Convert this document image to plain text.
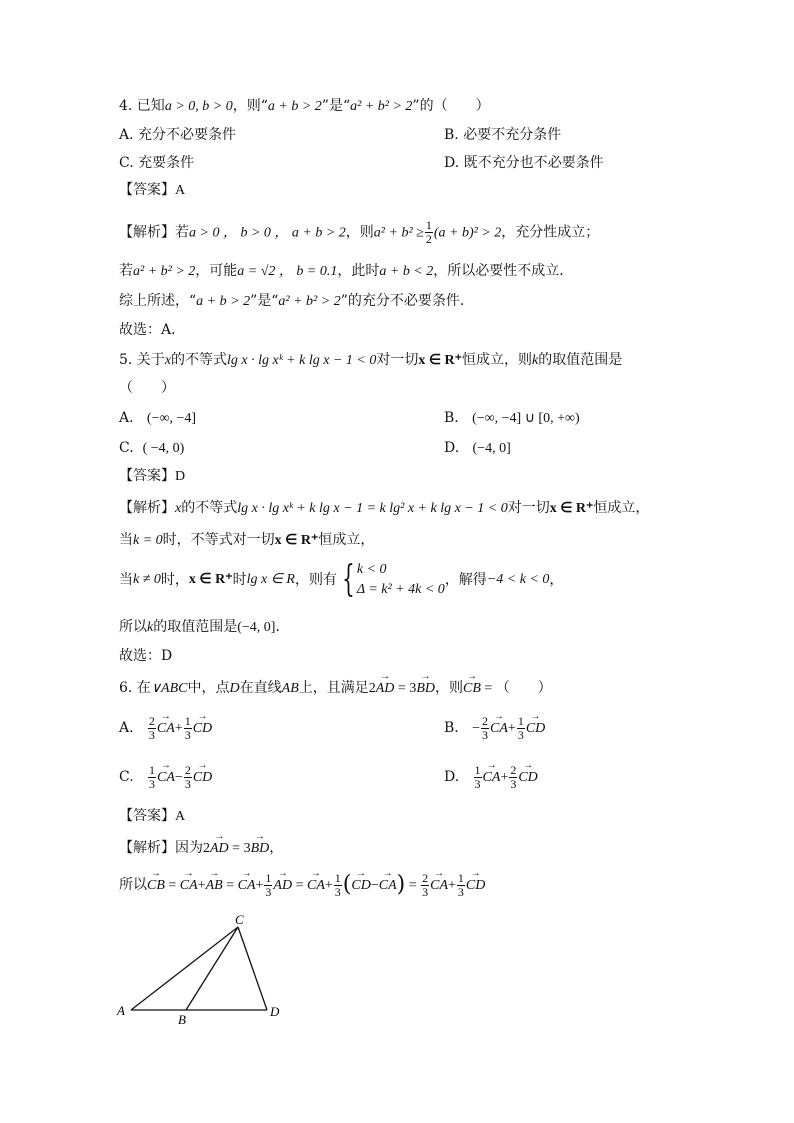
4. 已知a > 0, b > 0，则“a + b > 2”是“a² + b² > 2”的（　　）
A. 充分不必要条件	B. 必要不充分条件
C. 充要条件	D. 既不充分也不必要条件
【答案】A
【解析】若a > 0 ， b > 0 ， a + b > 2，则$a^2 + b^2 \ge \frac{1}{2} (a + b)^2 > 2$，充分性成立；
若a² + b² > 2，可能a = √2 ， b = 0.1，此时a + b < 2，所以必要性不成立．
综上所述，“a + b > 2”是“a² + b² > 2”的充分不必要条件．
故选：A．
5. 关于x的不等式lg x · lg xᵏ + k lg x − 1 < 0对一切x ∈ R⁺恒成立，则k的取值范围是
（　　）
A.   (−∞, −4]	B.   (−∞, −4] ∪ [0, +∞)
C.  ( −4, 0)	D.   (−4, 0]
【答案】D
【解析】x的不等式lg x · lg xᵏ + k lg x − 1 = k lg² x + k lg x − 1 < 0对一切x ∈ R⁺恒成立，
当k = 0时，不等式对一切x ∈ R⁺恒成立，
当k ≠ 0时，x ∈ R⁺时lg x ∈ R，则有 { k < 0
Δ = k² + 4k < 0
，解得−4 < k < 0，
所以k的取值范围是(−4, 0]．
故选：D
6. 在∨ABC中，点D在直线AB上，且满足2→ AD = 3→ BD，则→ CB = （　　）
A. $\frac{2}{3}$
→ $CA+ \frac{1}{3}$
→ CD	B. − $\frac{2}{3}$
→ $CA+ \frac{1}{3}$
→ CD
C. $\frac{1}{3}$
→ $CA- \frac{2}{3}$
→ CD	D. $\frac{1}{3}$
→ $CA+ \frac{2}{3}$
→ CD
【答案】A
【解析】因为2→ AD = 3→ BD，
所以→ CB = → CA+→ AB = → $CA+ \frac{1}{3}$
→ AD = → $CA+ \frac{1}{3}$ (→ $CD-\to CA) = \frac{2}{3}$
→ $CA+ \frac{1}{3}$
→ CD
A
B
C
D
